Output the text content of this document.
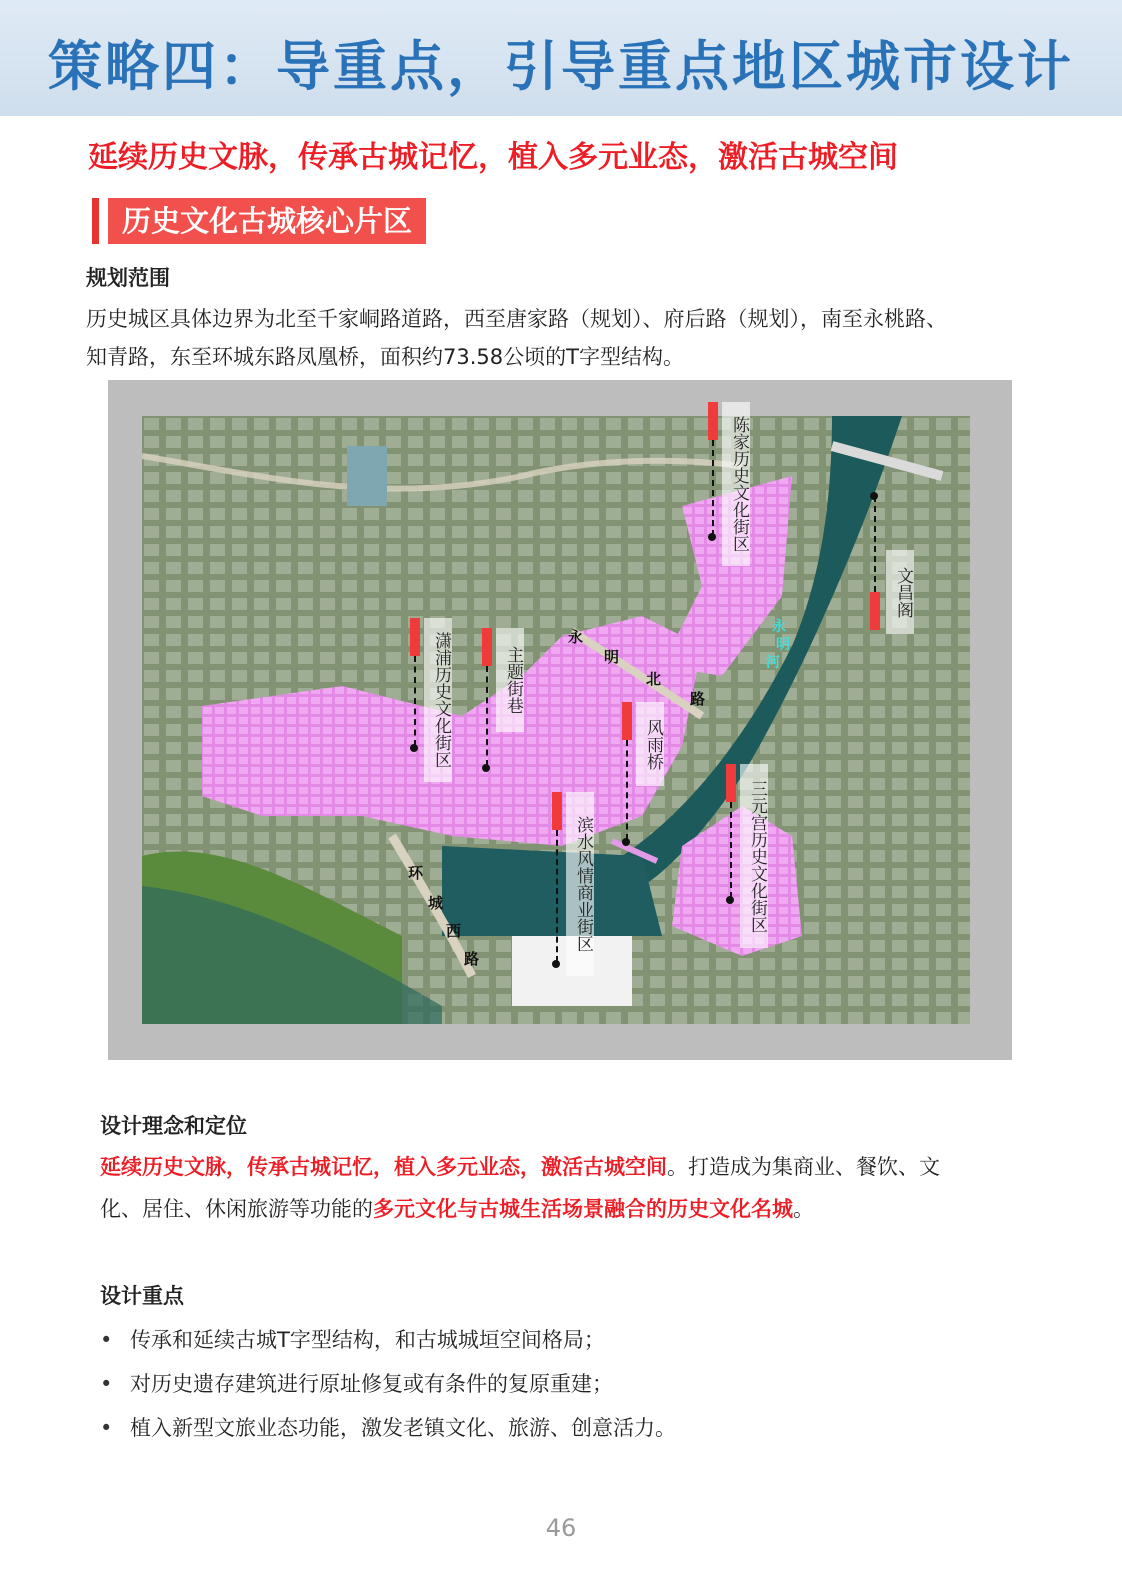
策略四：导重点，引导重点地区城市设计
延续历史文脉，传承古城记忆，植入多元业态，激活古城空间
历史文化古城核心片区
规划范围
历史城区具体边界为北至千家峒路道路，西至唐家路（规划）、府后路（规划），南至永桃路、
知青路，东至环城东路凤凰桥，面积约73.58公顷的T字型结构。
陈家历史文化街区
文昌阁
潇浦历史文化街区	主题街巷
风雨桥
滨水风情商业街区	三元宫历史文化街区
永
明
北
路
环
城
西
路
永
明
河
设计理念和定位
延续历史文脉，传承古城记忆，植入多元业态，激活古城空间。打造成为集商业、餐饮、文
化、居住、休闲旅游等功能的多元文化与古城生活场景融合的历史文化名城。
设计重点
• 传承和延续古城T字型结构，和古城城垣空间格局；
• 对历史遗存建筑进行原址修复或有条件的复原重建；
• 植入新型文旅业态功能，激发老镇文化、旅游、创意活力。
46
